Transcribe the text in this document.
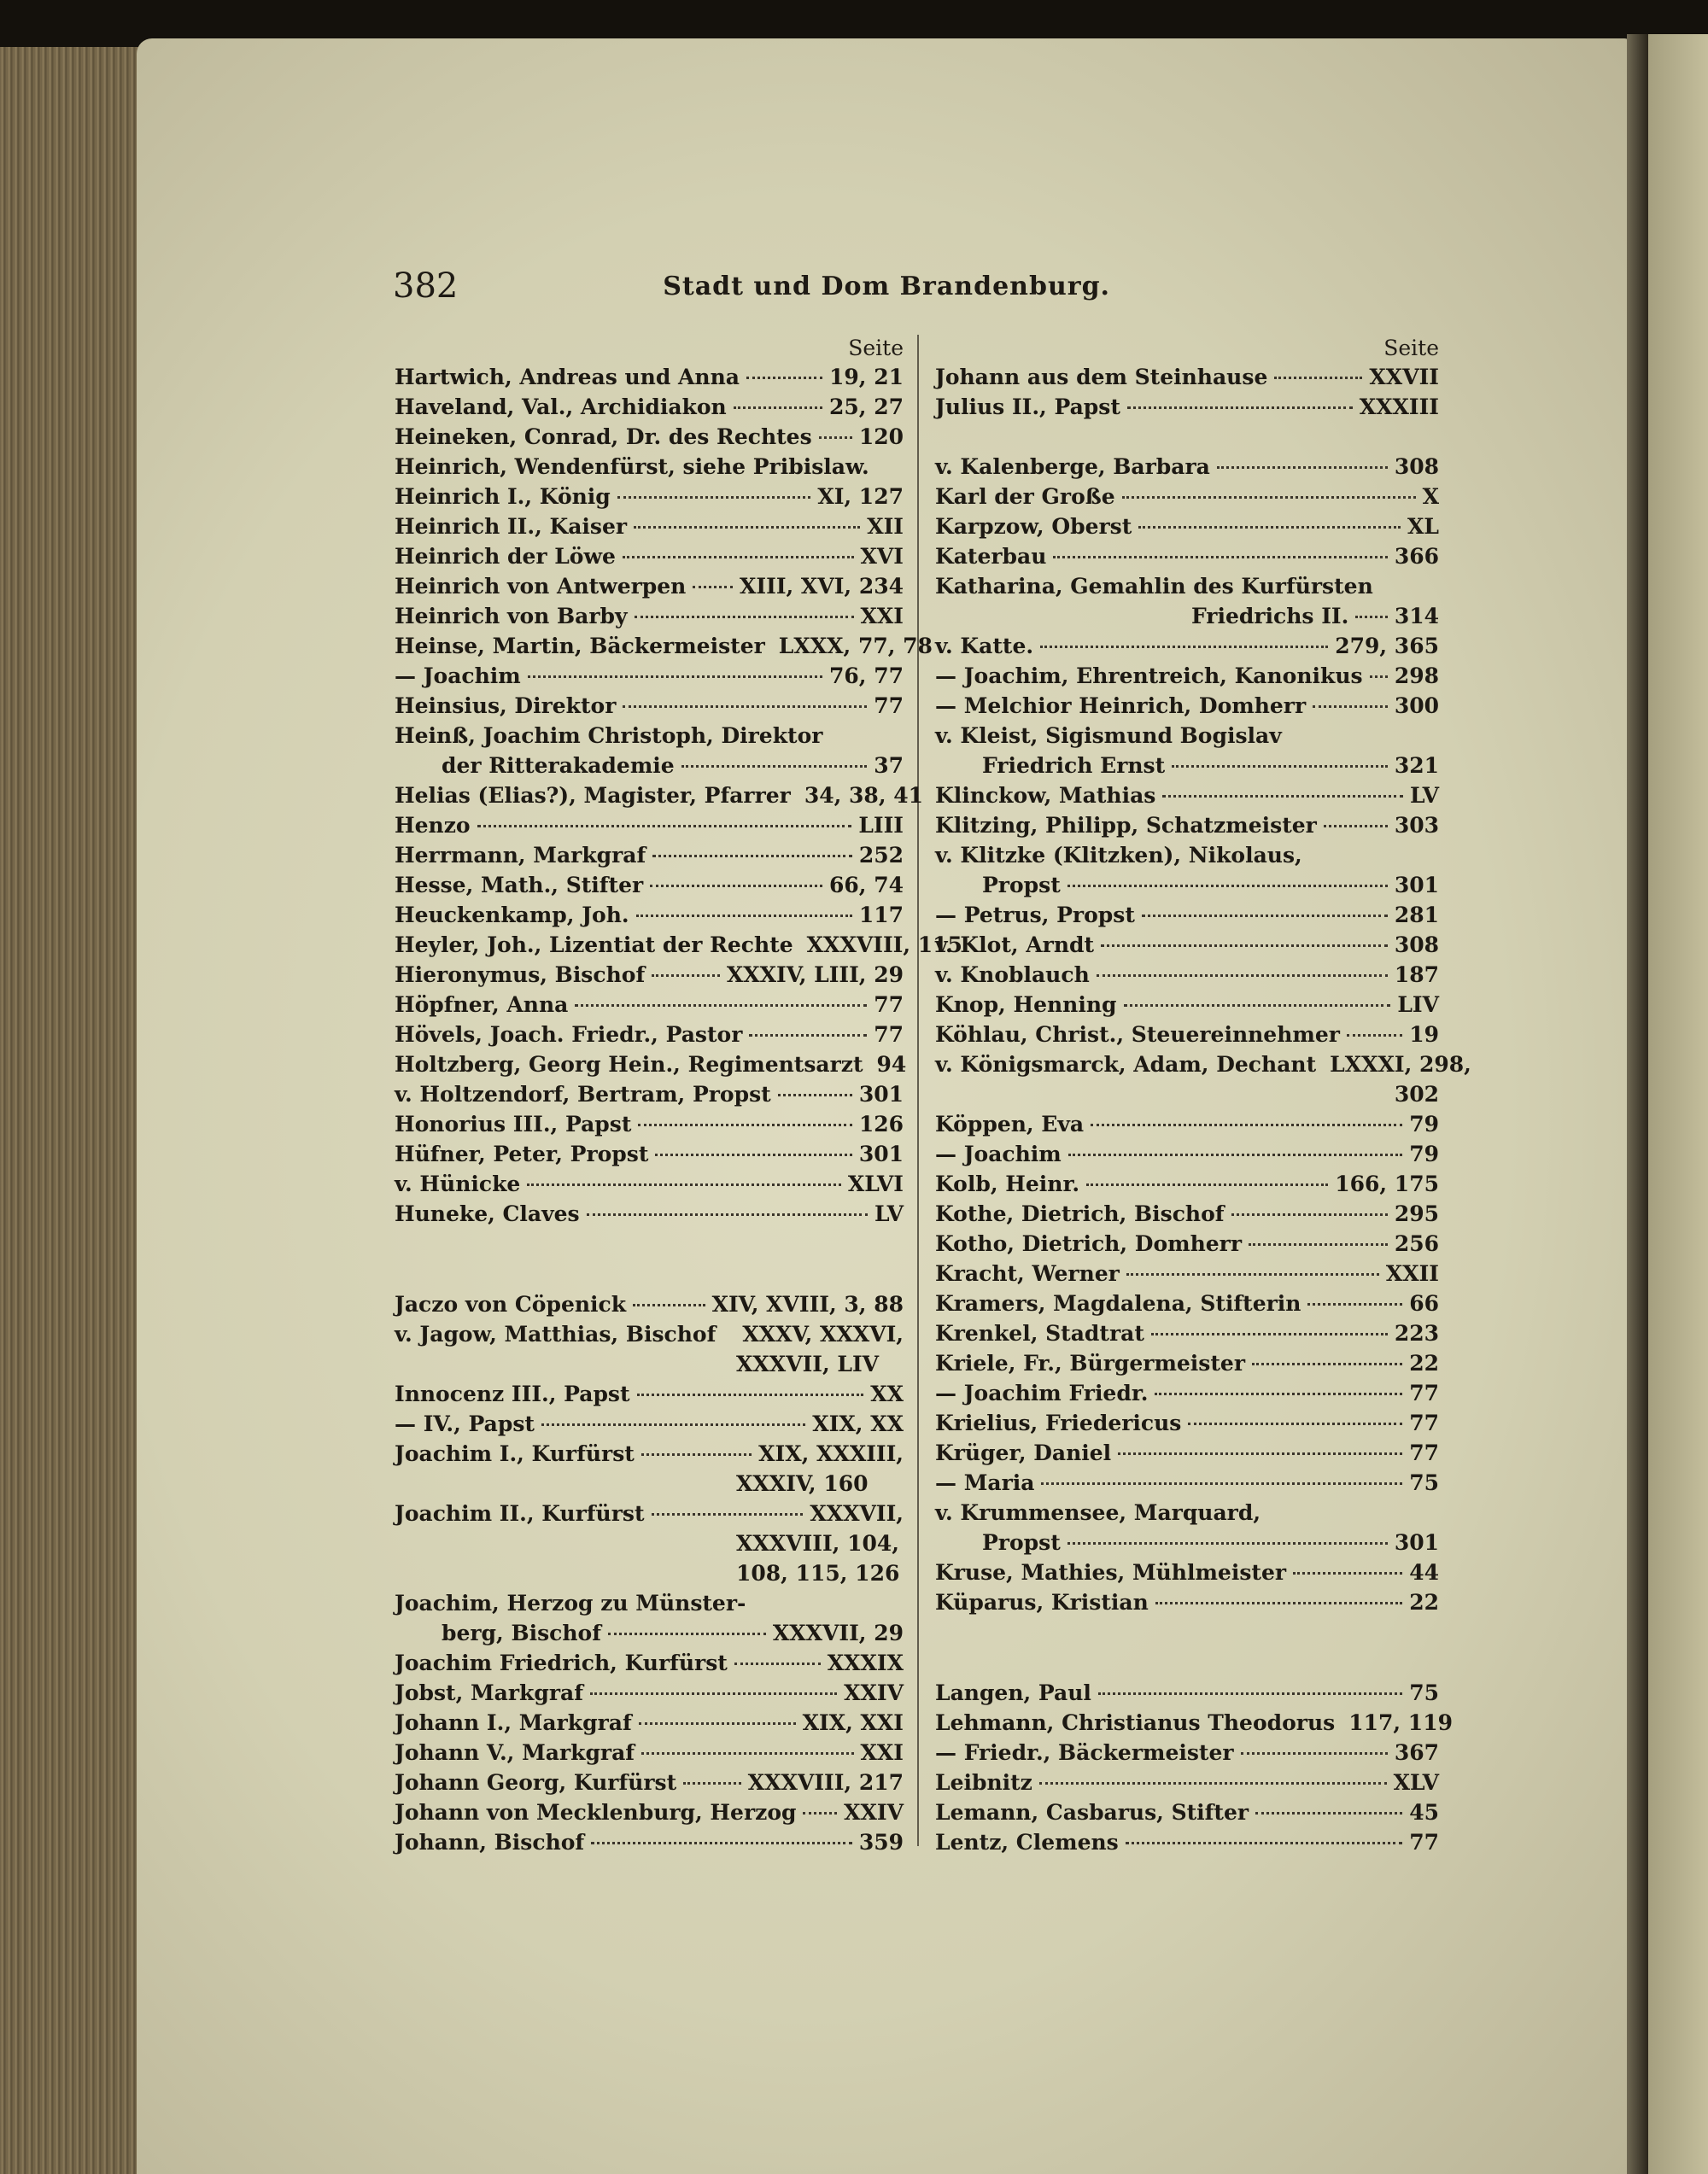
382	Stadt und Dom Brandenburg.
Seite
Hartwich, Andreas und Anna	19, 21
Haveland, Val., Archidiakon	25, 27
Heineken, Conrad, Dr. des Rechtes 120
Heinrich, Wendenfürst, siehe Pribislaw.
Heinrich I., König	XI, 127
Heinrich II., Kaiser	XII
Heinrich der Löwe	XVI
Heinrich von Antwerpen	XIII, XVI, 234
Heinrich von Barby	XXI
Heinse, Martin, Bäckermeister LXXX, 77, 78
— Joachim	76, 77
Heinsius, Direktor	77
Heinß, Joachim Christoph, Direktor
der Ritterakademie	37
Helias (Elias?), Magister, Pfarrer 34, 38, 41
Henzo	LIII
Herrmann, Markgraf	252
Hesse, Math., Stifter	66, 74
Heuckenkamp, Joh.	117
Heyler, Joh., Lizentiat der Rechte XXXVIII, 115
Hieronymus, Bischof	XXXIV, LIII, 29
Höpfner, Anna	77
Hövels, Joach. Friedr., Pastor	77
Holtzberg, Georg Hein., Regimentsarzt 94
v. Holtzendorf, Bertram, Propst	301
Honorius III., Papst	126
Hüfner, Peter, Propst	301
v. Hünicke	XLVI
Huneke, Claves	LV
Jaczo von Cöpenick	XIV, XVIII, 3, 88
v. Jagow, Matthias, Bischof XXXV, XXXVI,
XXXVII, LIV
Innocenz III., Papst	XX
— IV., Papst	XIX, XX
Joachim I., Kurfürst	XIX, XXXIII,
XXXIV, 160
Joachim II., Kurfürst	XXXVII,
XXXVIII, 104,
108, 115, 126
Joachim, Herzog zu Münster-
berg, Bischof	XXXVII, 29
Joachim Friedrich, Kurfürst	XXXIX
Jobst, Markgraf	XXIV
Johann I., Markgraf	XIX, XXI
Johann V., Markgraf	XXI
Johann Georg, Kurfürst	XXXVIII, 217
Johann von Mecklenburg, Herzog XXIV
Johann, Bischof	359
Seite
Johann aus dem Steinhause	XXVII
Julius II., Papst	XXXIII
v. Kalenberge, Barbara	308
Karl der Große	X
Karpzow, Oberst	XL
Katerbau	366
Katharina, Gemahlin des Kurfürsten
Friedrichs II. 314
v. Katte.	279, 365
— Joachim, Ehrentreich, Kanonikus 298
— Melchior Heinrich, Domherr	300
v. Kleist, Sigismund Bogislav
Friedrich Ernst	321
Klinckow, Mathias	LV
Klitzing, Philipp, Schatzmeister	303
v. Klitzke (Klitzken), Nikolaus,
Propst	301
— Petrus, Propst	281
v. Klot, Arndt	308
v. Knoblauch	187
Knop, Henning	LIV
Köhlau, Christ., Steuereinnehmer	19
v. Königsmarck, Adam, Dechant LXXXI, 298,
302
Köppen, Eva	79
— Joachim	79
Kolb, Heinr.	166, 175
Kothe, Dietrich, Bischof	295
Kotho, Dietrich, Domherr	256
Kracht, Werner	XXII
Kramers, Magdalena, Stifterin	66
Krenkel, Stadtrat	223
Kriele, Fr., Bürgermeister	22
— Joachim Friedr.	77
Krielius, Friedericus	77
Krüger, Daniel	77
— Maria	75
v. Krummensee, Marquard,
Propst	301
Kruse, Mathies, Mühlmeister	44
Küparus, Kristian	22
Langen, Paul	75
Lehmann, Christianus Theodorus 117, 119
— Friedr., Bäckermeister	367
Leibnitz	XLV
Lemann, Casbarus, Stifter	45
Lentz, Clemens	77
